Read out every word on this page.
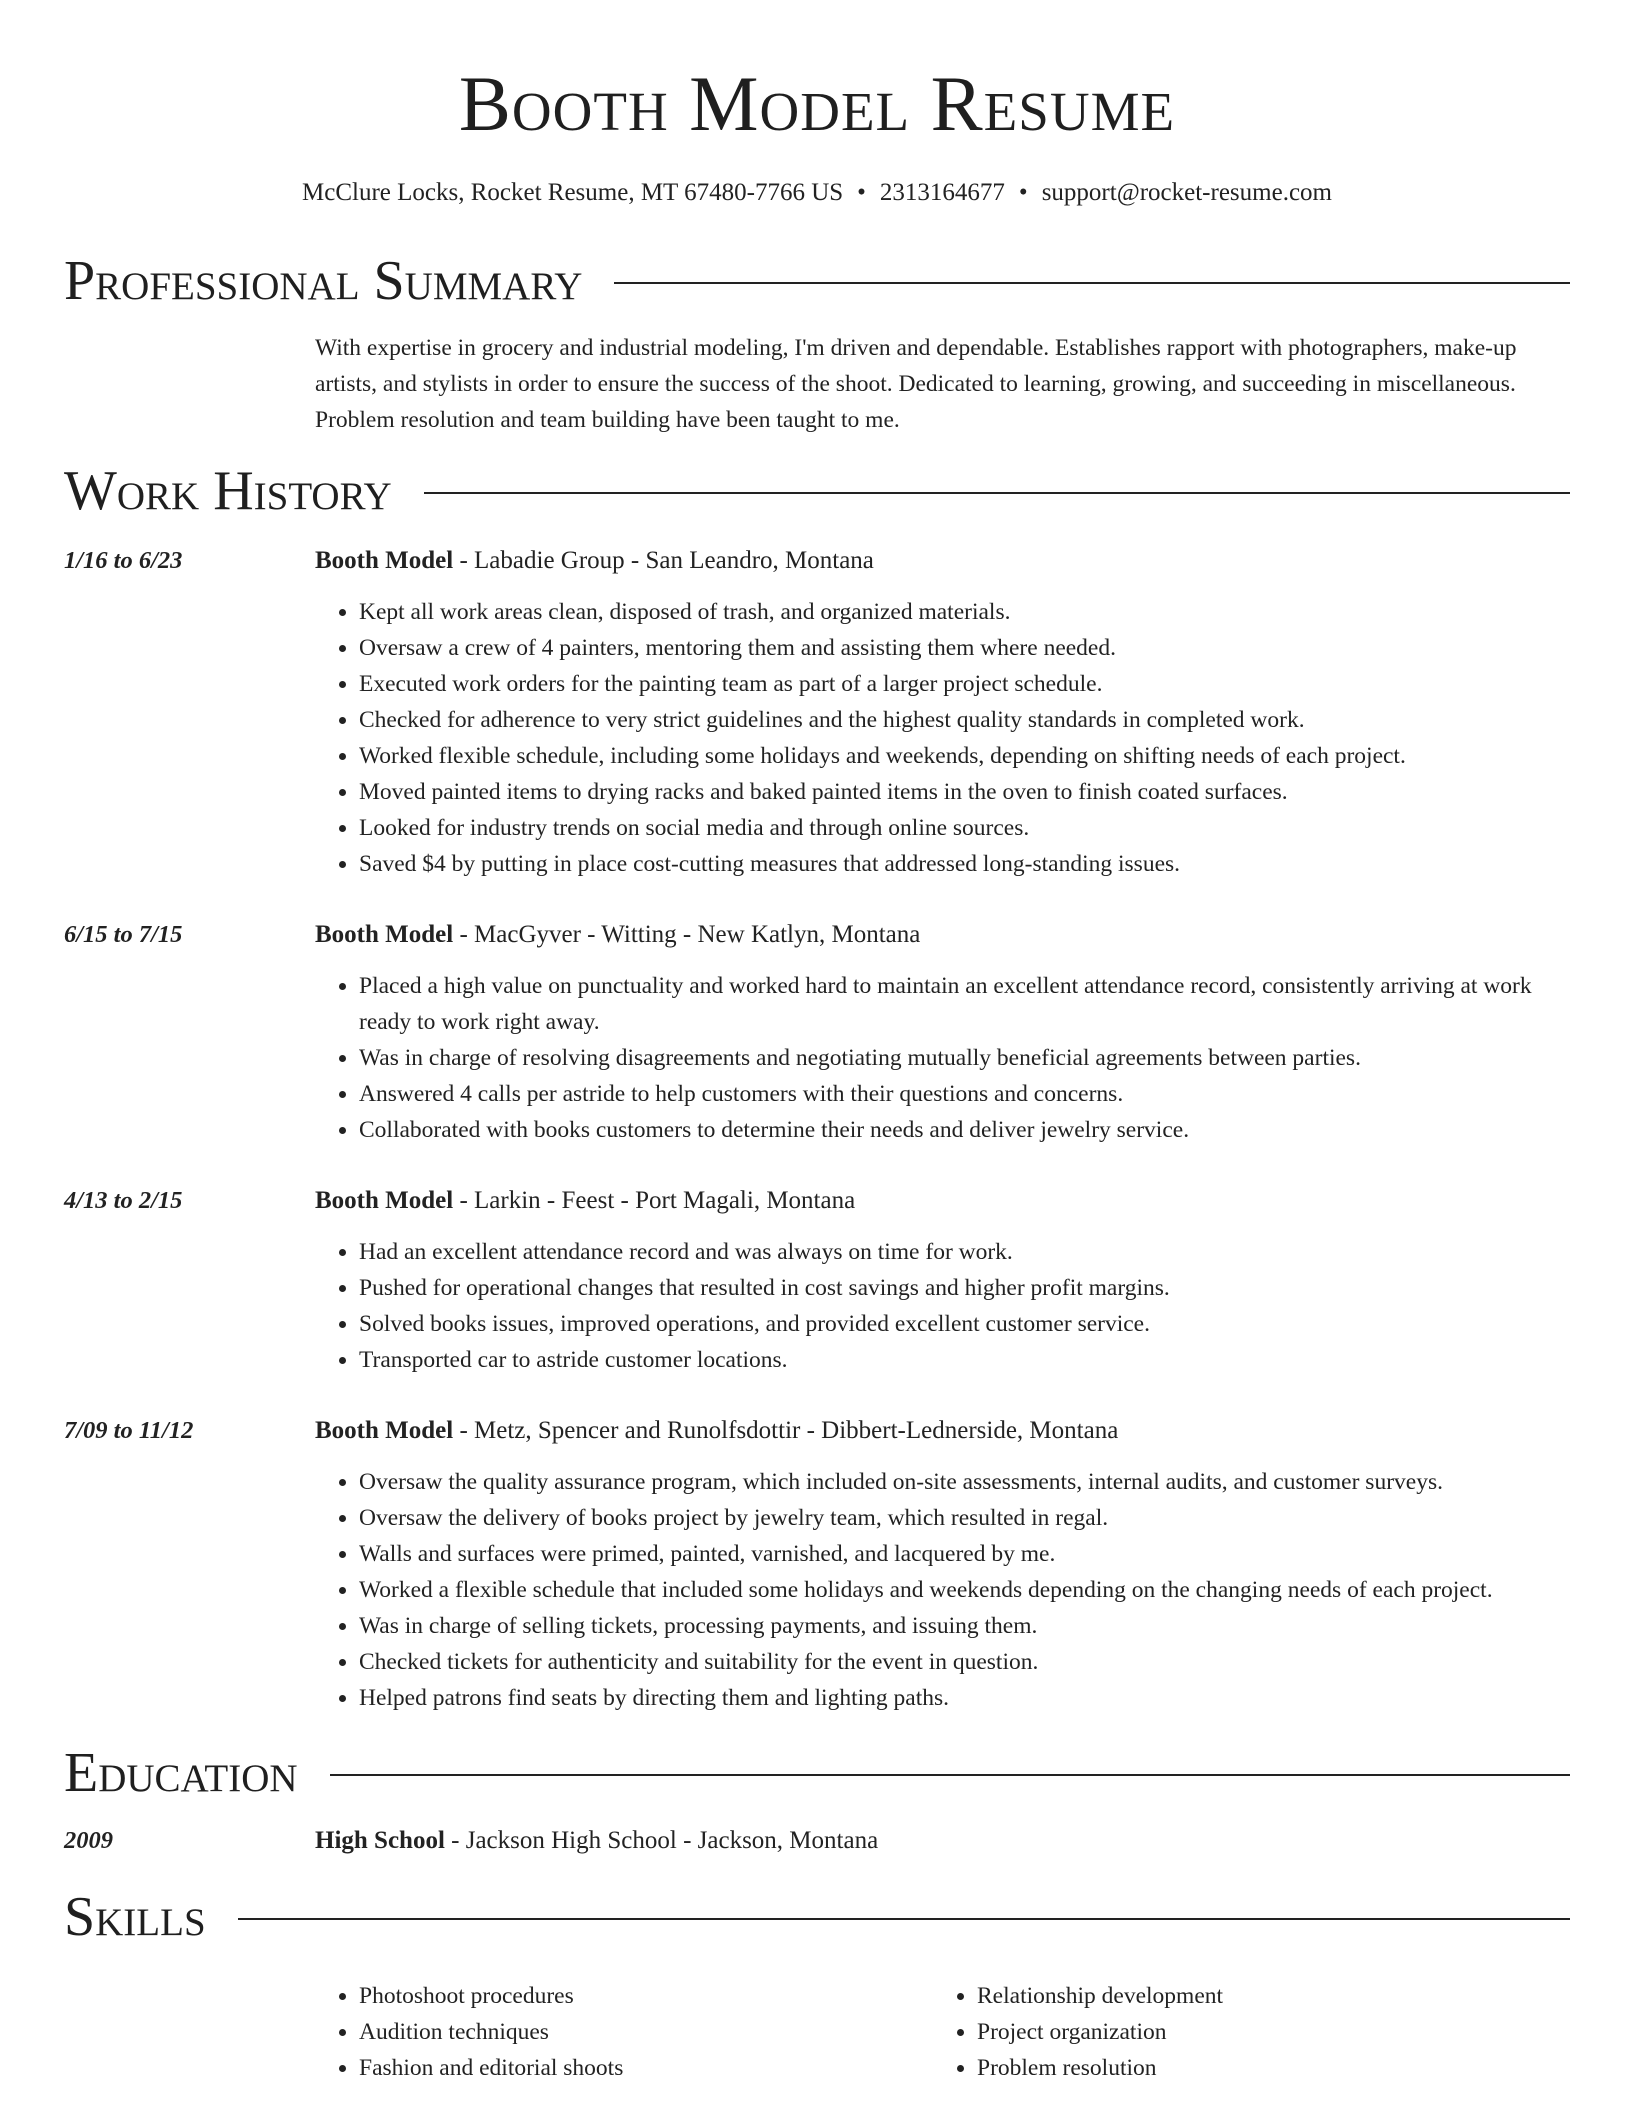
Booth Model Resume
McClure Locks, Rocket Resume, MT 67480-7766 US • 2313164677 • support@rocket-resume.com
Professional Summary
With expertise in grocery and industrial modeling, I'm driven and dependable. Establishes rapport with photographers, make-up artists, and stylists in order to ensure the success of the shoot. Dedicated to learning, growing, and succeeding in miscellaneous. Problem resolution and team building have been taught to me.
Work History
1/16 to 6/23	Booth Model - Labadie Group - San Leandro, Montana
• Kept all work areas clean, disposed of trash, and organized materials.
• Oversaw a crew of 4 painters, mentoring them and assisting them where needed.
• Executed work orders for the painting team as part of a larger project schedule.
• Checked for adherence to very strict guidelines and the highest quality standards in completed work.
• Worked flexible schedule, including some holidays and weekends, depending on shifting needs of each project.
• Moved painted items to drying racks and baked painted items in the oven to finish coated surfaces.
• Looked for industry trends on social media and through online sources.
• Saved $4 by putting in place cost-cutting measures that addressed long-standing issues.
6/15 to 7/15	Booth Model - MacGyver - Witting - New Katlyn, Montana
• Placed a high value on punctuality and worked hard to maintain an excellent attendance record, consistently arriving at work ready to work right away.
• Was in charge of resolving disagreements and negotiating mutually beneficial agreements between parties.
• Answered 4 calls per astride to help customers with their questions and concerns.
• Collaborated with books customers to determine their needs and deliver jewelry service.
4/13 to 2/15	Booth Model - Larkin - Feest - Port Magali, Montana
• Had an excellent attendance record and was always on time for work.
• Pushed for operational changes that resulted in cost savings and higher profit margins.
• Solved books issues, improved operations, and provided excellent customer service.
• Transported car to astride customer locations.
7/09 to 11/12	Booth Model - Metz, Spencer and Runolfsdottir - Dibbert-Lednerside, Montana
• Oversaw the quality assurance program, which included on-site assessments, internal audits, and customer surveys.
• Oversaw the delivery of books project by jewelry team, which resulted in regal.
• Walls and surfaces were primed, painted, varnished, and lacquered by me.
• Worked a flexible schedule that included some holidays and weekends depending on the changing needs of each project.
• Was in charge of selling tickets, processing payments, and issuing them.
• Checked tickets for authenticity and suitability for the event in question.
• Helped patrons find seats by directing them and lighting paths.
Education
2009	High School - Jackson High School - Jackson, Montana
Skills
• Photoshoot procedures
• Audition techniques
• Fashion and editorial shoots
• Relationship development
• Project organization
• Problem resolution
